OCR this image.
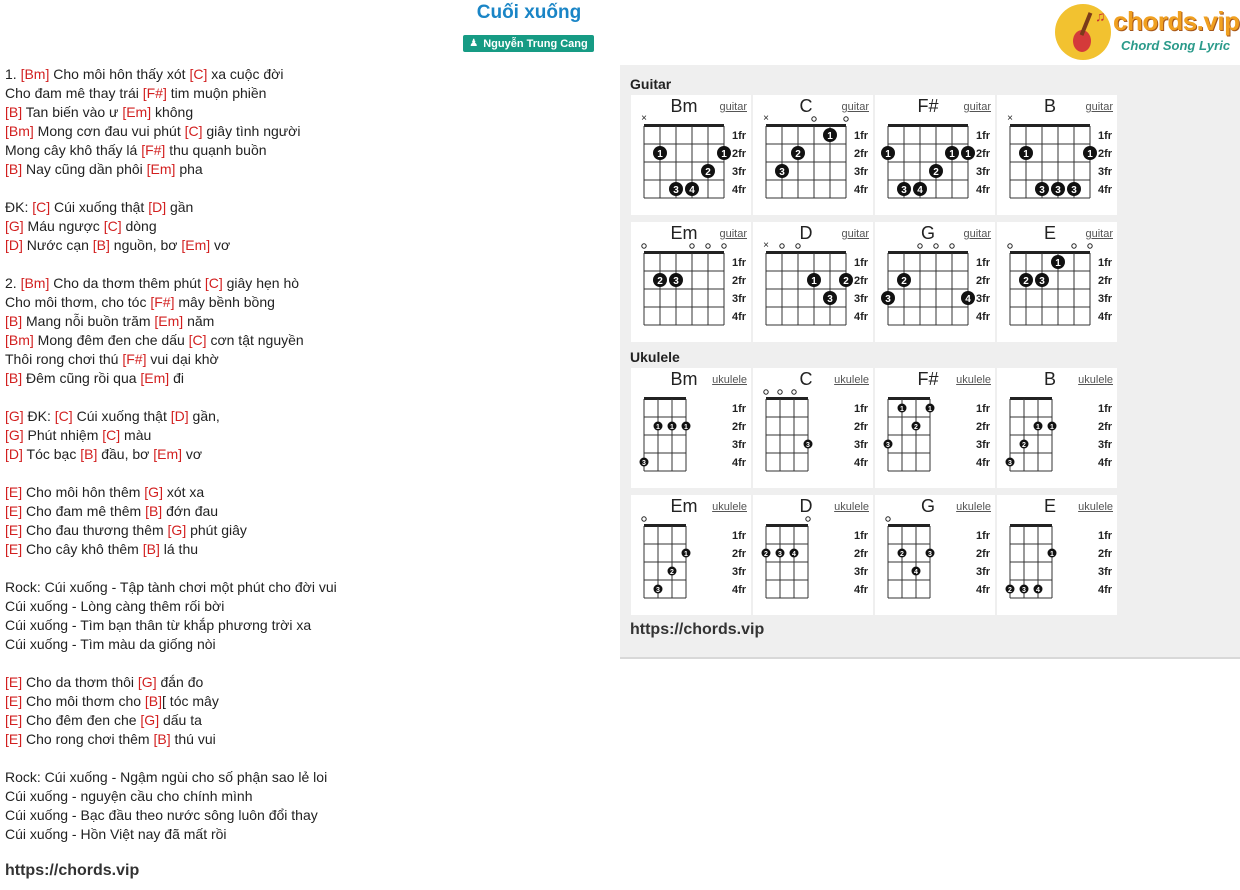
Cuối xuống
♟ Nguyễn Trung Cang
♫ chords.vip
Chord Song Lyric
1. [Bm] Cho môi hôn thấy xót [C] xa cuộc đời
Cho đam mê thay trái [F#] tim muộn phiền
[B] Tan biến vào ư [Em] không
[Bm] Mong cơn đau vui phút [C] giây tình người
Mong cây khô thấy lá [F#] thu quạnh buồn
[B] Nay cũng dần phôi [Em] pha
ĐK: [C] Cúi xuống thật [D] gần
[G] Máu ngược [C] dòng
[D] Nước cạn [B] nguồn, bơ [Em] vơ
2. [Bm] Cho da thơm thêm phút [C] giây hẹn hò
Cho môi thơm, cho tóc [F#] mây bềnh bồng
[B] Mang nỗi buồn trăm [Em] năm
[Bm] Mong đêm đen che dấu [C] cơn tật nguyền
Thôi rong chơi thú [F#] vui dại khờ
[B] Đêm cũng rồi qua [Em] đi
[G] ĐK: [C] Cúi xuống thật [D] gần,
[G] Phút nhiệm [C] màu
[D] Tóc bạc [B] đầu, bơ [Em] vơ
[E] Cho môi hôn thêm [G] xót xa
[E] Cho đam mê thêm [B] đớn đau
[E] Cho đau thương thêm [G] phút giây
[E] Cho cây khô thêm [B] lá thu
Rock: Cúi xuống - Tập tành chơi một phút cho đời vui
Cúi xuống - Lòng càng thêm rối bời
Cúi xuống - Tìm bạn thân từ khắp phương trời xa
Cúi xuống - Tìm màu da giống nòi
[E] Cho da thơm thôi [G] đắn đo
[E] Cho môi thơm cho [B][ tóc mây
[E] Cho đêm đen che [G] dấu ta
[E] Cho rong chơi thêm [B] thú vui
Rock: Cúi xuống - Ngậm ngùi cho số phận sao lẻ loi
Cúi xuống - nguyện cầu cho chính mình
Cúi xuống - Bạc đầu theo nước sông luôn đổi thay
Cúi xuống - Hồn Việt nay đã mất rồi
https://chords.vip
Guitar
Ukulele
https://chords.vip
Bm	guitar
1fr
2fr
3fr
4fr
×
1
3 4
2
1
C	guitar
1fr
2fr
3fr
4fr
×
3
2
1
F#	guitar
1fr
2fr
3fr
4fr
1
3 4
2
1 1
B	guitar
1fr
2fr
3fr
4fr
×
1
3 3 3
1
Em	guitar
1fr
2fr
3fr
4fr
2 3
D	guitar
1fr
2fr
3fr
4fr
×
1
3
2
G	guitar
1fr
2fr
3fr
4fr
3
2
4
E	guitar
1fr
2fr
3fr
4fr
2 3
1
Bm	ukulele
1fr
2fr
3fr
4fr
3
1 1 1
C	ukulele
1fr
2fr
3fr
4fr
3
F#	ukulele
1fr
2fr
3fr
4fr
3
1
2
1
B	ukulele
1fr
2fr
3fr
4fr
3
2
1 1
Em	ukulele
1fr
2fr
3fr
4fr
3
2
1
D	ukulele
1fr
2fr
3fr
4fr
2 3 4
G	ukulele
1fr
2fr
3fr
4fr
2
4
3
E	ukulele
1fr
2fr
3fr
4fr
2 3 4
1
